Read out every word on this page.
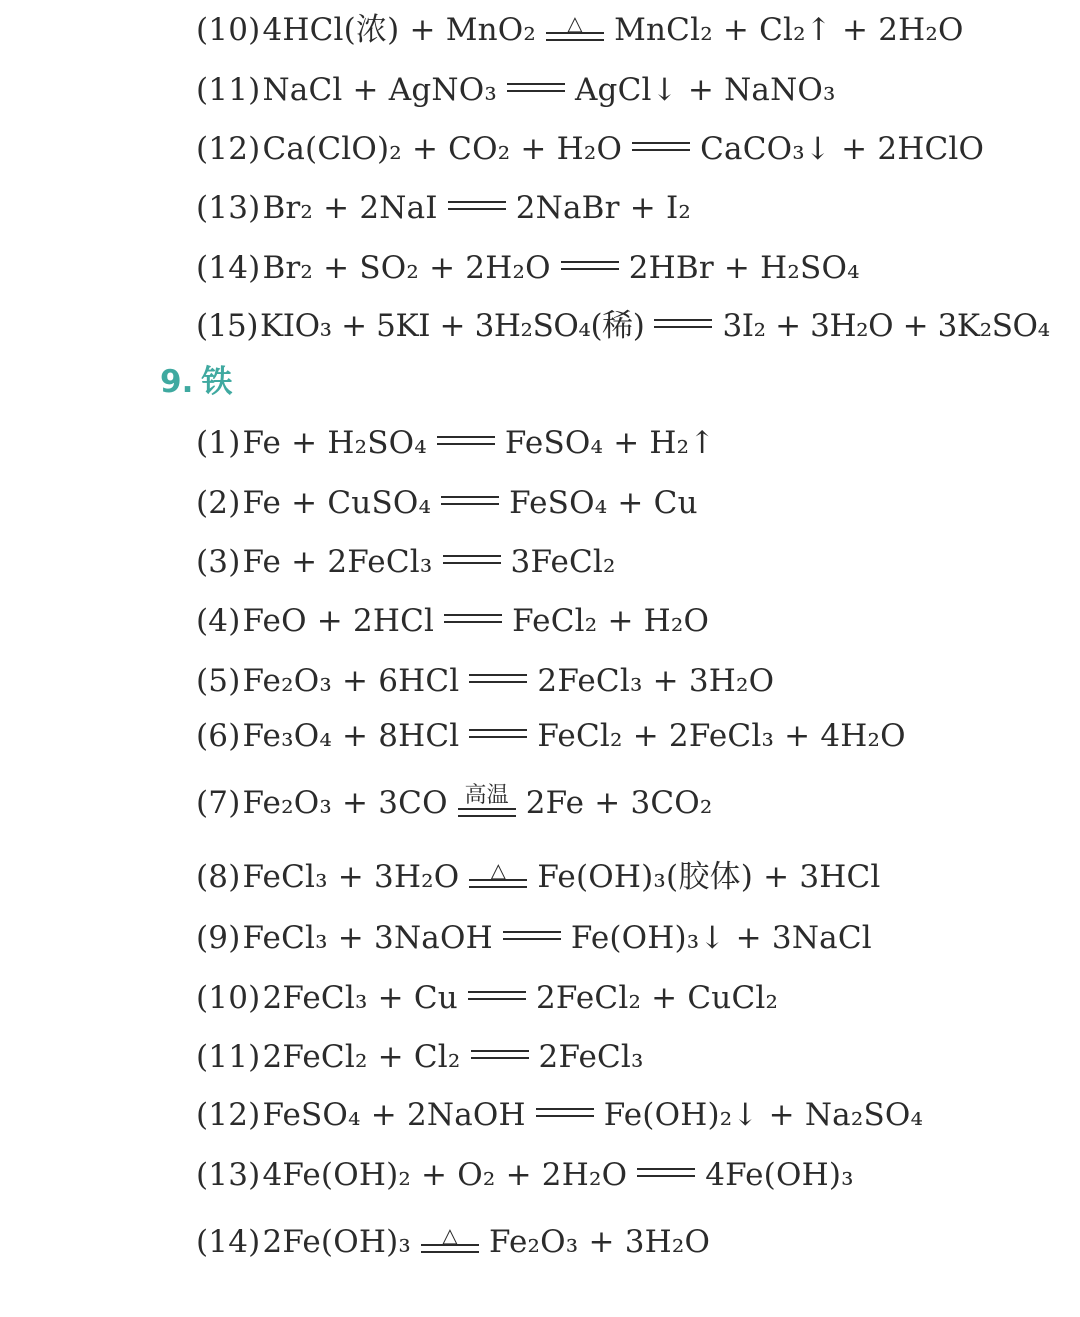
(10)4HCl(浓) + MnO₂ △ MnCl₂ + Cl₂↑ + 2H₂O
(11)NaCl + AgNO₃	AgCl↓ + NaNO₃
(12)Ca(ClO)₂ + CO₂ + H₂O	CaCO₃↓ + 2HClO
(13)Br₂ + 2NaI	2NaBr + I₂
(14)Br₂ + SO₂ + 2H₂O	2HBr + H₂SO₄
(15)KIO₃ + 5KI + 3H₂SO₄(稀)	3I₂ + 3H₂O + 3K₂SO₄
9. 铁
(1)Fe + H₂SO₄	FeSO₄ + H₂↑
(2)Fe + CuSO₄	FeSO₄ + Cu
(3)Fe + 2FeCl₃	3FeCl₂
(4)FeO + 2HCl	FeCl₂ + H₂O
(5)Fe₂O₃ + 6HCl	2FeCl₃ + 3H₂O
(6)Fe₃O₄ + 8HCl	FeCl₂ + 2FeCl₃ + 4H₂O
(7)Fe₂O₃ + 3CO 高温 2Fe + 3CO₂
(8)FeCl₃ + 3H₂O △ Fe(OH)₃(胶体) + 3HCl
(9)FeCl₃ + 3NaOH	Fe(OH)₃↓ + 3NaCl
(10)2FeCl₃ + Cu	2FeCl₂ + CuCl₂
(11)2FeCl₂ + Cl₂	2FeCl₃
(12)FeSO₄ + 2NaOH	Fe(OH)₂↓ + Na₂SO₄
(13)4Fe(OH)₂ + O₂ + 2H₂O	4Fe(OH)₃
(14)2Fe(OH)₃ △ Fe₂O₃ + 3H₂O
